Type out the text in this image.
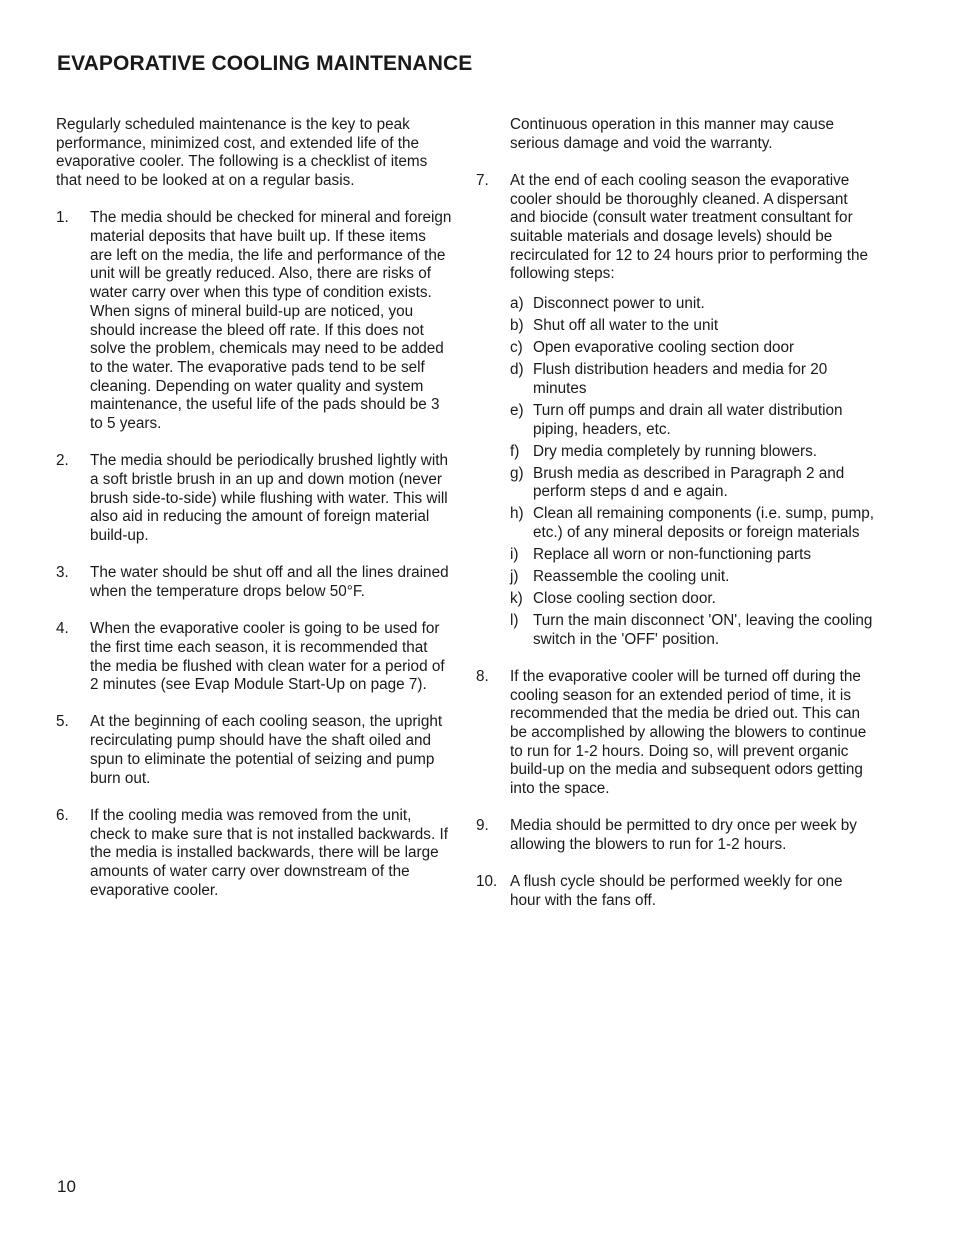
EVAPORATIVE COOLING MAINTENANCE

Regularly scheduled maintenance is the key to peak performance, minimized cost, and extended life of the evaporative cooler. The following is a checklist of items that need to be looked at on a regular basis.

1. The media should be checked for mineral and foreign material deposits that have built up. If these items are left on the media, the life and performance of the unit will be greatly reduced. Also, there are risks of water carry over when this type of condition exists. When signs of mineral build-up are noticed, you should increase the bleed off rate. If this does not solve the problem, chemicals may need to be added to the water. The evaporative pads tend to be self cleaning. Depending on water quality and system maintenance, the useful life of the pads should be 3 to 5 years.
2. The media should be periodically brushed lightly with a soft bristle brush in an up and down motion (never brush side-to-side) while flushing with water. This will also aid in reducing the amount of foreign material build-up.
3. The water should be shut off and all the lines drained when the temperature drops below 50°F.
4. When the evaporative cooler is going to be used for the first time each season, it is recommended that the media be flushed with clean water for a period of 2 minutes (see Evap Module Start-Up on page 7).
5. At the beginning of each cooling season, the upright recirculating pump should have the shaft oiled and spun to eliminate the potential of seizing and pump burn out.
6. If the cooling media was removed from the unit, check to make sure that is not installed backwards. If the media is installed backwards, there will be large amounts of water carry over downstream of the evaporative cooler.
Continuous operation in this manner may cause serious damage and void the warranty.
7. At the end of each cooling season the evaporative cooler should be thoroughly cleaned. A dispersant and biocide (consult water treatment consultant for suitable materials and dosage levels) should be recirculated for 12 to 24 hours prior to performing the following steps:
a) Disconnect power to unit.
b) Shut off all water to the unit
c) Open evaporative cooling section door
d) Flush distribution headers and media for 20 minutes
e) Turn off pumps and drain all water distribution piping, headers, etc.
f) Dry media completely by running blowers.
g) Brush media as described in Paragraph 2 and perform steps d and e again.
h) Clean all remaining components (i.e. sump, pump, etc.) of any mineral deposits or foreign materials
i) Replace all worn or non-functioning parts
j) Reassemble the cooling unit.
k) Close cooling section door.
l) Turn the main disconnect 'ON', leaving the cooling switch in the 'OFF' position.
8. If the evaporative cooler will be turned off during the cooling season for an extended period of time, it is recommended that the media be dried out. This can be accomplished by allowing the blowers to continue to run for 1-2 hours. Doing so, will prevent organic build-up on the media and subsequent odors getting into the space.
9. Media should be permitted to dry once per week by allowing the blowers to run for 1-2 hours.
10. A flush cycle should be performed weekly for one hour with the fans off.
10
